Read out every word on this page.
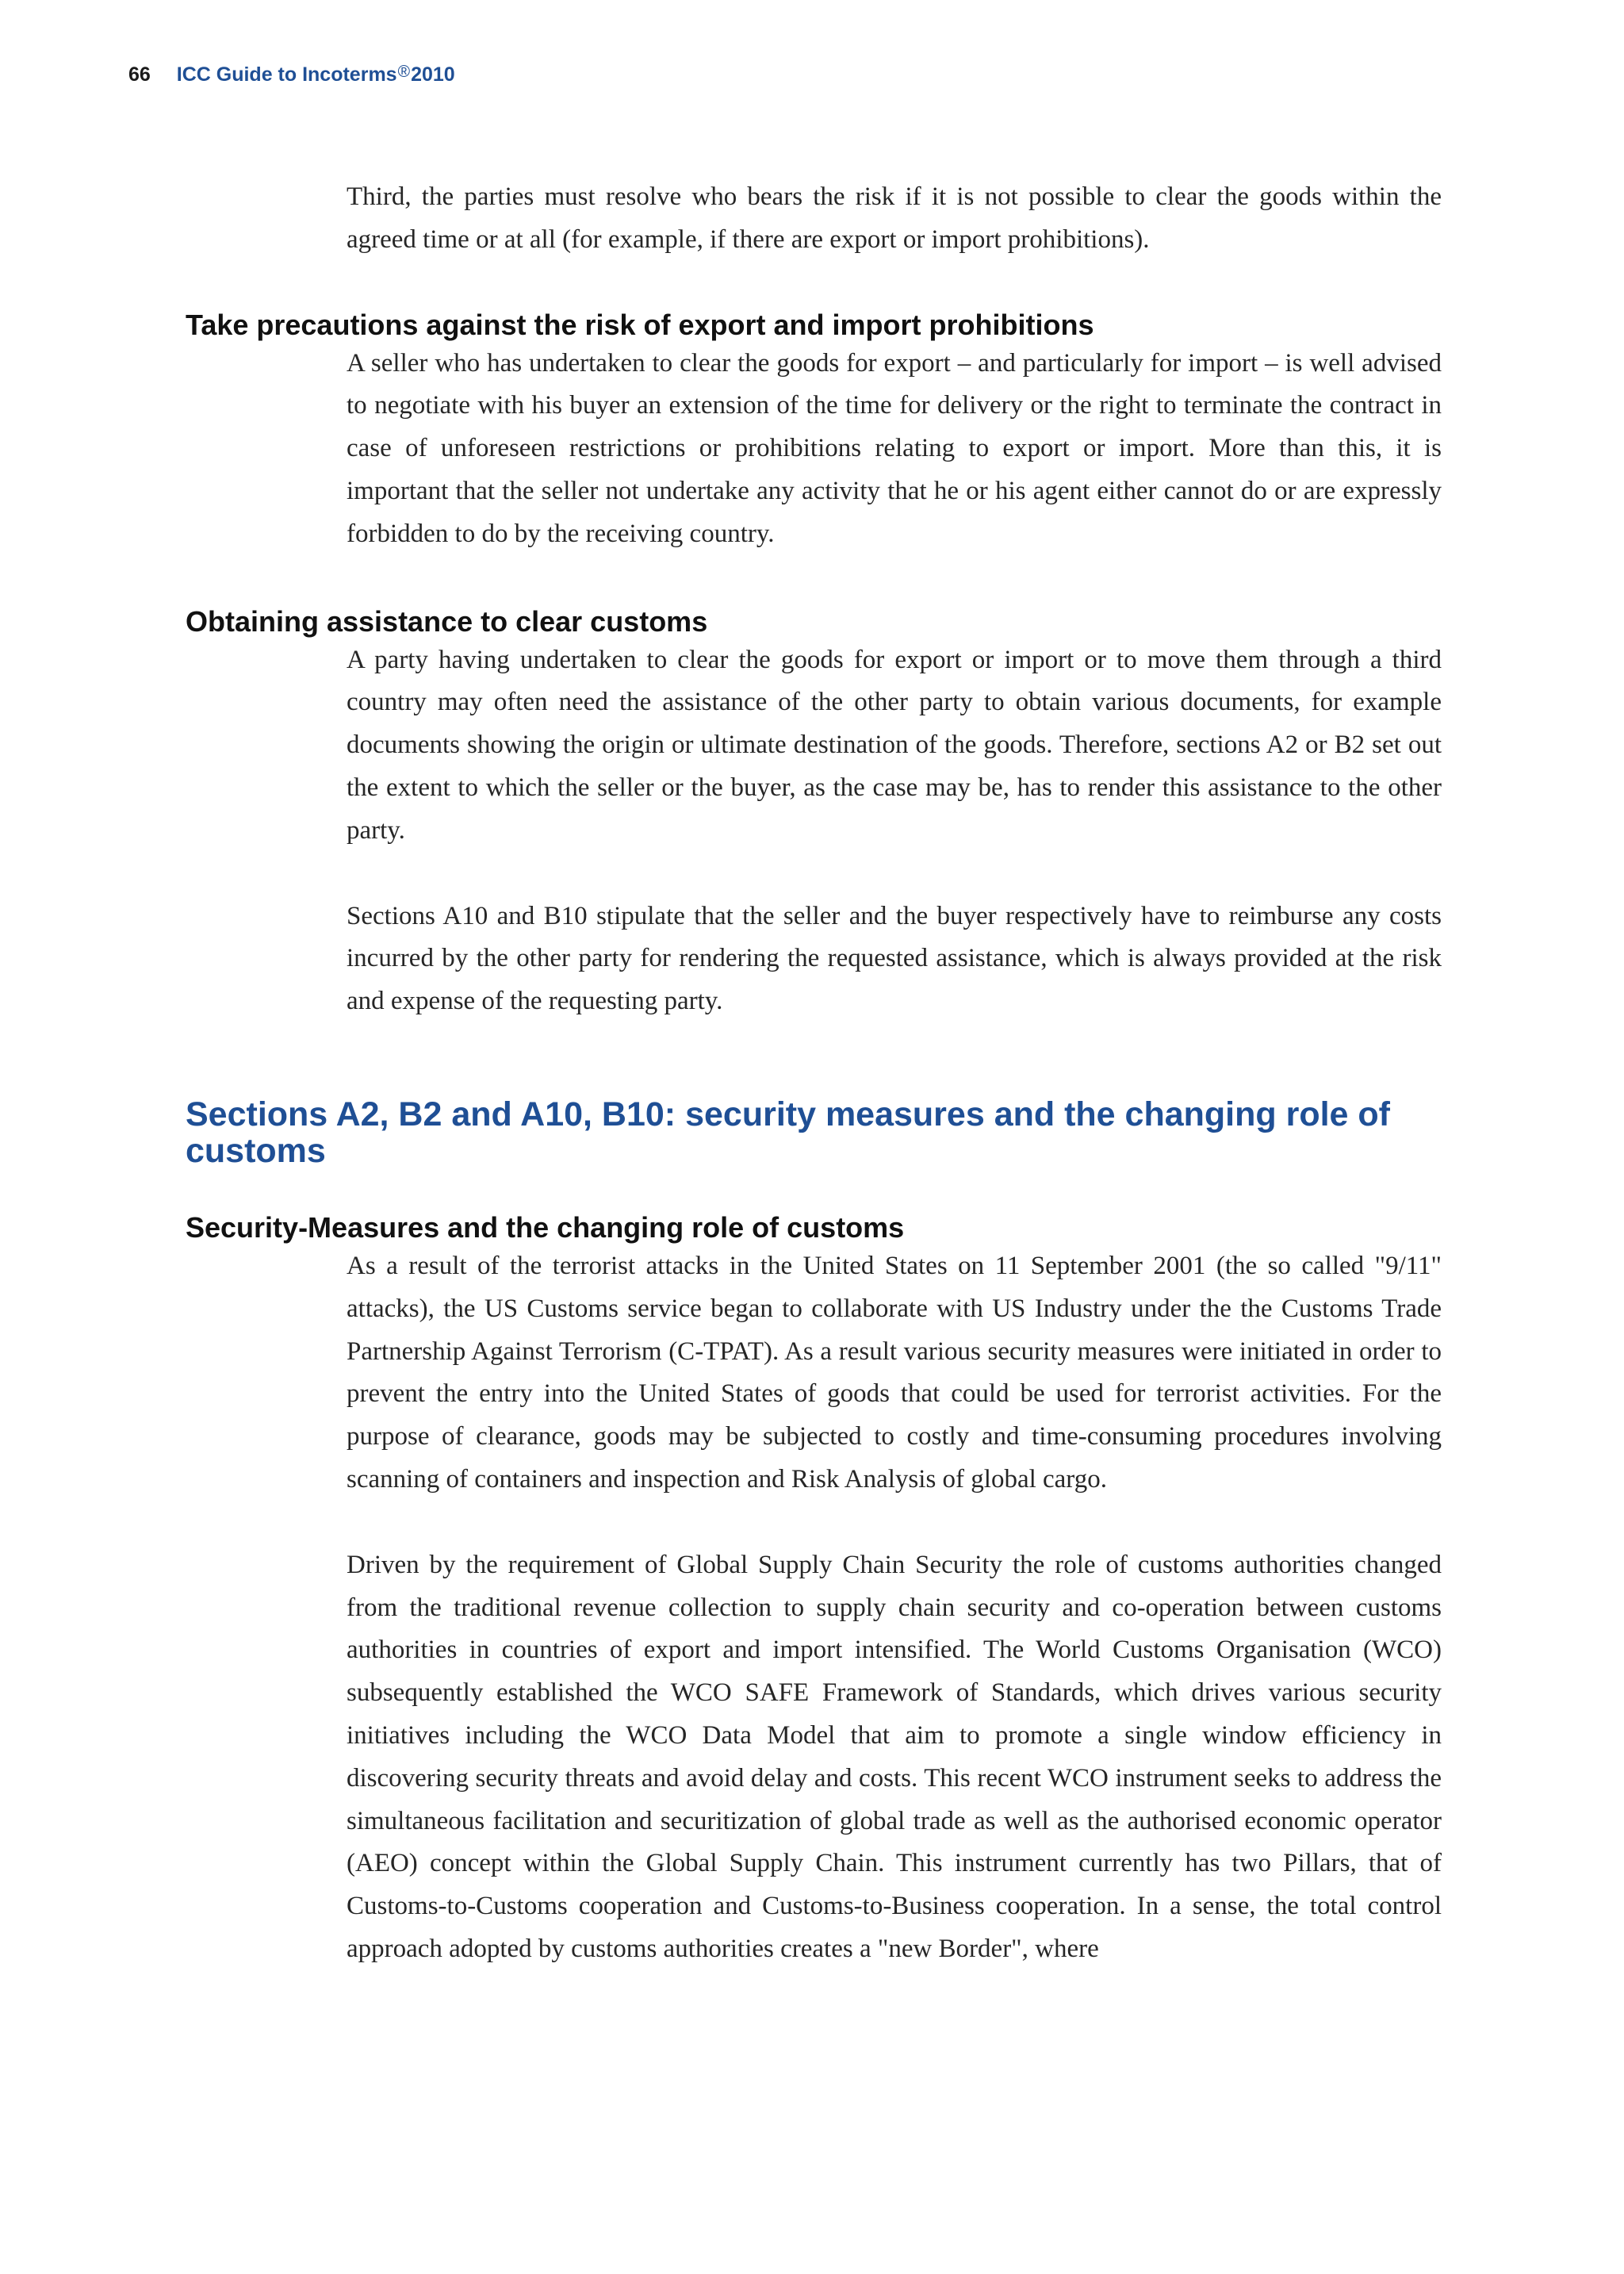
66 ICC Guide to Incoterms®2010

Third, the parties must resolve who bears the risk if it is not possible to clear the goods within the agreed time or at all (for example, if there are export or import prohibitions).

Take precautions against the risk of export and import prohibitions

A seller who has undertaken to clear the goods for export – and particularly for import – is well advised to negotiate with his buyer an extension of the time for delivery or the right to terminate the contract in case of unforeseen restrictions or prohibitions relating to export or import. More than this, it is important that the seller not undertake any activity that he or his agent either cannot do or are expressly forbidden to do by the receiving country.

Obtaining assistance to clear customs

A party having undertaken to clear the goods for export or import or to move them through a third country may often need the assistance of the other party to obtain various documents, for example documents showing the origin or ultimate destination of the goods. Therefore, sections A2 or B2 set out the extent to which the seller or the buyer, as the case may be, has to render this assistance to the other party.

Sections A10 and B10 stipulate that the seller and the buyer respectively have to reimburse any costs incurred by the other party for rendering the requested assistance, which is always provided at the risk and expense of the requesting party.

Sections A2, B2 and A10, B10: security measures and the changing role of customs
Security-Measures and the changing role of customs

As a result of the terrorist attacks in the United States on 11 September 2001 (the so called "9/11" attacks), the US Customs service began to collaborate with US Industry under the the Customs Trade Partnership Against Terrorism (C-TPAT). As a result various security measures were initiated in order to prevent the entry into the United States of goods that could be used for terrorist activities. For the purpose of clearance, goods may be subjected to costly and time-consuming procedures involving scanning of containers and inspection and Risk Analysis of global cargo.

Driven by the requirement of Global Supply Chain Security the role of customs authorities changed from the traditional revenue collection to supply chain security and co-operation between customs authorities in countries of export and import intensified. The World Customs Organisation (WCO) subsequently established the WCO SAFE Framework of Standards, which drives various security initiatives including the WCO Data Model that aim to promote a single window efficiency in discovering security threats and avoid delay and costs. This recent WCO instrument seeks to address the simultaneous facilitation and securitization of global trade as well as the authorised economic operator (AEO) concept within the Global Supply Chain. This instrument currently has two Pillars, that of Customs-to-Customs cooperation and Customs-to-Business cooperation. In a sense, the total control approach adopted by customs authorities creates a "new Border", where
